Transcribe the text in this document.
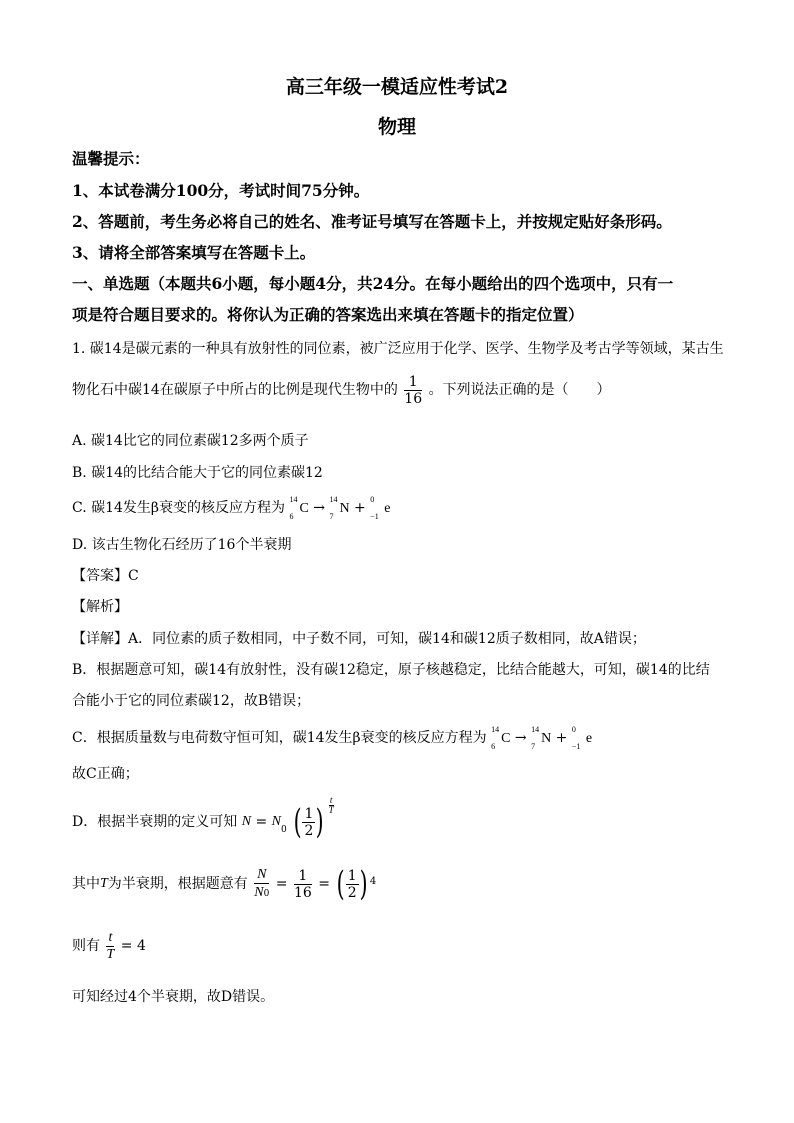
高三年级一模适应性考试2
物理
温馨提示：
1、本试卷满分100分，考试时间75分钟。
2、答题前，考生务必将自己的姓名、准考证号填写在答题卡上，并按规定贴好条形码。
3、请将全部答案填写在答题卡上。
一、单选题（本题共6小题，每小题4分，共24分。在每小题给出的四个选项中，只有一
项是符合题目要求的。将你认为正确的答案选出来填在答题卡的指定位置）
1. 碳14是碳元素的一种具有放射性的同位素，被广泛应用于化学、医学、生物学及考古学等领域，某古生
物化石中碳14在碳原子中所占的比例是现代生物中的 $\frac{1}{16}$ 。下列说法正确的是（　　）
A. 碳14比它的同位素碳12多两个质子
B. 碳14的比结合能大于它的同位素碳12
C. 碳14发生β衰变的核反应方程为
14
6
C →
14
7
N +
0
−1
e
D. 该古生物化石经历了16个半衰期
【答案】C
【解析】
【详解】A．同位素的质子数相同，中子数不同，可知，碳14和碳12质子数相同，故A错误；
B．根据题意可知，碳14有放射性，没有碳12稳定，原子核越稳定，比结合能越大，可知，碳14的比结
合能小于它的同位素碳12，故B错误；
C．根据质量数与电荷数守恒可知，碳14发生β衰变的核反应方程为
14
6
C →
14
7
N +
0
−1
e
故C正确；
D．根据半衰期的定义可知 $N = N_0$ ( $\frac{1}{2}$ ) $\frac{t}{T}$
其中T为半衰期，根据题意有 $\frac{N}{N0} = \frac{1}{16}$ = ( $\frac{1}{2}$ ) $^4$
则有 $\frac{t}{T} = 4$
可知经过4个半衰期，故D错误。
